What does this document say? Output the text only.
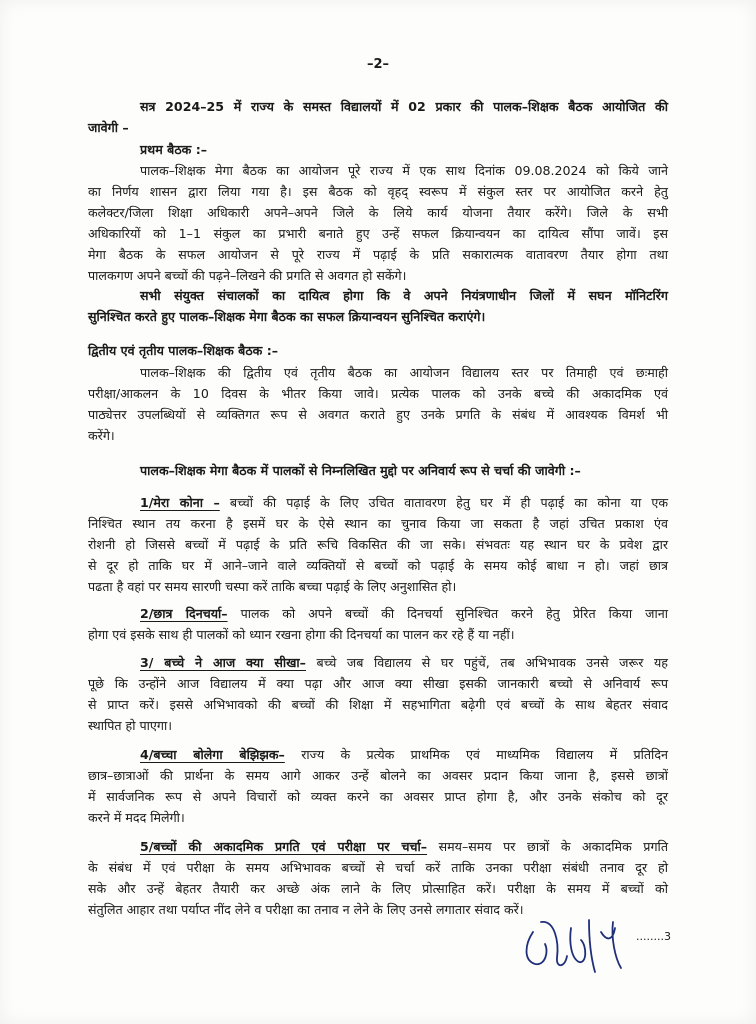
–2–
सत्र 2024–25 में राज्य के समस्त विद्यालयों में 02 प्रकार की पालक–शिक्षक बैठक आयोजित की
जावेगी –
प्रथम बैठक :–
पालक–शिक्षक मेगा बैठक का आयोजन पूरे राज्य में एक साथ दिनांक 09.08.2024 को किये जाने
का निर्णय शासन द्वारा लिया गया है। इस बैठक को वृहद् स्वरूप में संकुल स्तर पर आयोजित करने हेतु
कलेक्टर/जिला शिक्षा अधिकारी अपने–अपने जिले के लिये कार्य योजना तैयार करेंगे। जिले के सभी
अधिकारियों को 1–1 संकुल का प्रभारी बनाते हुए उन्हें सफल क्रियान्वयन का दायित्व सौंपा जावें। इस
मेगा बैठक के सफल आयोजन से पूरे राज्य में पढ़ाई के प्रति सकारात्मक वातावरण तैयार होगा तथा
पालकगण अपने बच्चों की पढ़ने–लिखने की प्रगति से अवगत हो सकेंगे।
सभी संयुक्त संचालकों का दायित्व होगा कि वे अपने नियंत्रणाधीन जिलों में सघन मॉनिटरिंग
सुनिश्चित करते हुए पालक–शिक्षक मेगा बैठक का सफल क्रियान्वयन सुनिश्चित कराएंगे।
द्वितीय एवं तृतीय पालक–शिक्षक बैठक :–
पालक–शिक्षक की द्वितीय एवं तृतीय बैठक का आयोजन विद्यालय स्तर पर तिमाही एवं छःमाही
परीक्षा/आकलन के 10 दिवस के भीतर किया जावे। प्रत्येक पालक को उनके बच्चे की अकादमिक एवं
पाठ्येत्तर उपलब्धियों से व्यक्तिगत रूप से अवगत कराते हुए उनके प्रगति के संबंध में आवश्यक विमर्श भी
करेंगे।
पालक–शिक्षक मेगा बैठक में पालकों से निम्नलिखित मुद्दो पर अनिवार्य रूप से चर्चा की जावेगी :–
1/मेरा कोना – बच्चों की पढ़ाई के लिए उचित वातावरण हेतु घर में ही पढ़ाई का कोना या एक
निश्चित स्थान तय करना है इसमें घर के ऐसे स्थान का चुनाव किया जा सकता है जहां उचित प्रकाश एंव
रोशनी हो जिससे बच्चों में पढ़ाई के प्रति रूचि विकसित की जा सके। संभवतः यह स्थान घर के प्रवेश द्वार
से दूर हो ताकि घर में आने–जाने वाले व्यक्तियों से बच्चों को पढ़ाई के समय कोई बाधा न हो। जहां छात्र
पढता है वहां पर समय सारणी चस्पा करें ताकि बच्चा पढ़ाई के लिए अनुशासित हो।
2/छात्र दिनचर्या– पालक को अपने बच्चों की दिनचर्या सुनिश्चित करने हेतु प्रेरित किया जाना
होगा एवं इसके साथ ही पालकों को ध्यान रखना होगा की दिनचर्या का पालन कर रहे हैं या नहीं।
3/ बच्चे ने आज क्या सीखा– बच्चे जब विद्यालय से घर पहुंचें, तब अभिभावक उनसे जरूर यह
पूछे कि उन्होंने आज विद्यालय में क्या पढ़ा और आज क्या सीखा इसकी जानकारी बच्चो से अनिवार्य रूप
से प्राप्त करें। इससे अभिभावको की बच्चों की शिक्षा में सहभागिता बढ़ेगी एवं बच्चों के साथ बेहतर संवाद
स्थापित हो पाएगा।
4/बच्चा बोलेगा बेझिझक– राज्य के प्रत्येक प्राथमिक एवं माध्यमिक विद्यालय में प्रतिदिन
छात्र–छात्राओं की प्रार्थना के समय आगे आकर उन्हें बोलने का अवसर प्रदान किया जाना है, इससे छात्रों
में सार्वजनिक रूप से अपने विचारों को व्यक्त करने का अवसर प्राप्त होगा है, और उनके संकोच को दूर
करने में मदद मिलेगी।
5/बच्चों की अकादमिक प्रगति एवं परीक्षा पर चर्चा– समय–समय पर छात्रों के अकादमिक प्रगति
के संबंध में एवं परीक्षा के समय अभिभावक बच्चों से चर्चा करें ताकि उनका परीक्षा संबंधी तनाव दूर हो
सके और उन्हें बेहतर तैयारी कर अच्छे अंक लाने के लिए प्रोत्साहित करें। परीक्षा के समय में बच्चों को
संतुलित आहार तथा पर्याप्त नींद लेने व परीक्षा का तनाव न लेने के लिए उनसे लगातार संवाद करें।
........3
